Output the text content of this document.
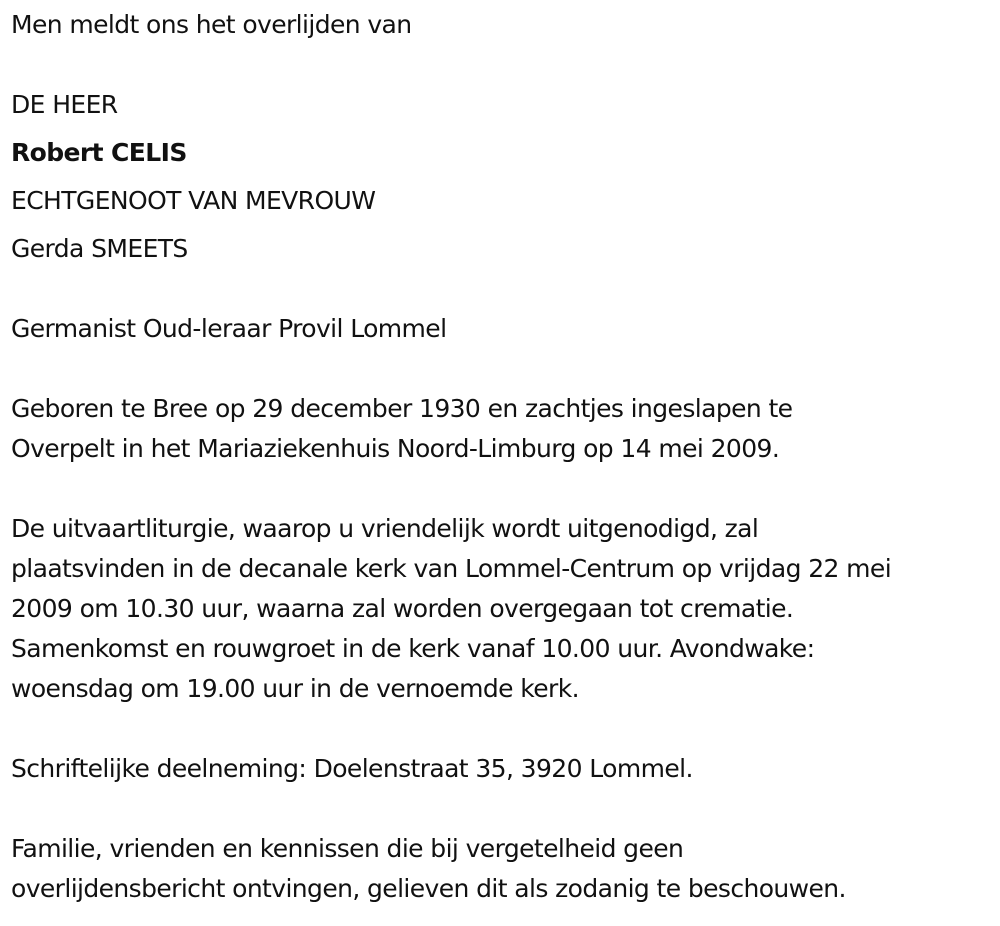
Men meldt ons het overlijden van
DE HEER
Robert CELIS
ECHTGENOOT VAN MEVROUW
Gerda SMEETS
Germanist Oud-leraar Provil Lommel
Geboren te Bree op 29 december 1930 en zachtjes ingeslapen te
Overpelt in het Mariaziekenhuis Noord-Limburg op 14 mei 2009.
De uitvaartliturgie, waarop u vriendelijk wordt uitgenodigd, zal
plaatsvinden in de decanale kerk van Lommel-Centrum op vrijdag 22 mei
2009 om 10.30 uur, waarna zal worden overgegaan tot crematie.
Samenkomst en rouwgroet in de kerk vanaf 10.00 uur. Avondwake:
woensdag om 19.00 uur in de vernoemde kerk.
Schriftelijke deelneming: Doelenstraat 35, 3920 Lommel.
Familie, vrienden en kennissen die bij vergetelheid geen
overlijdensbericht ontvingen, gelieven dit als zodanig te beschouwen.
